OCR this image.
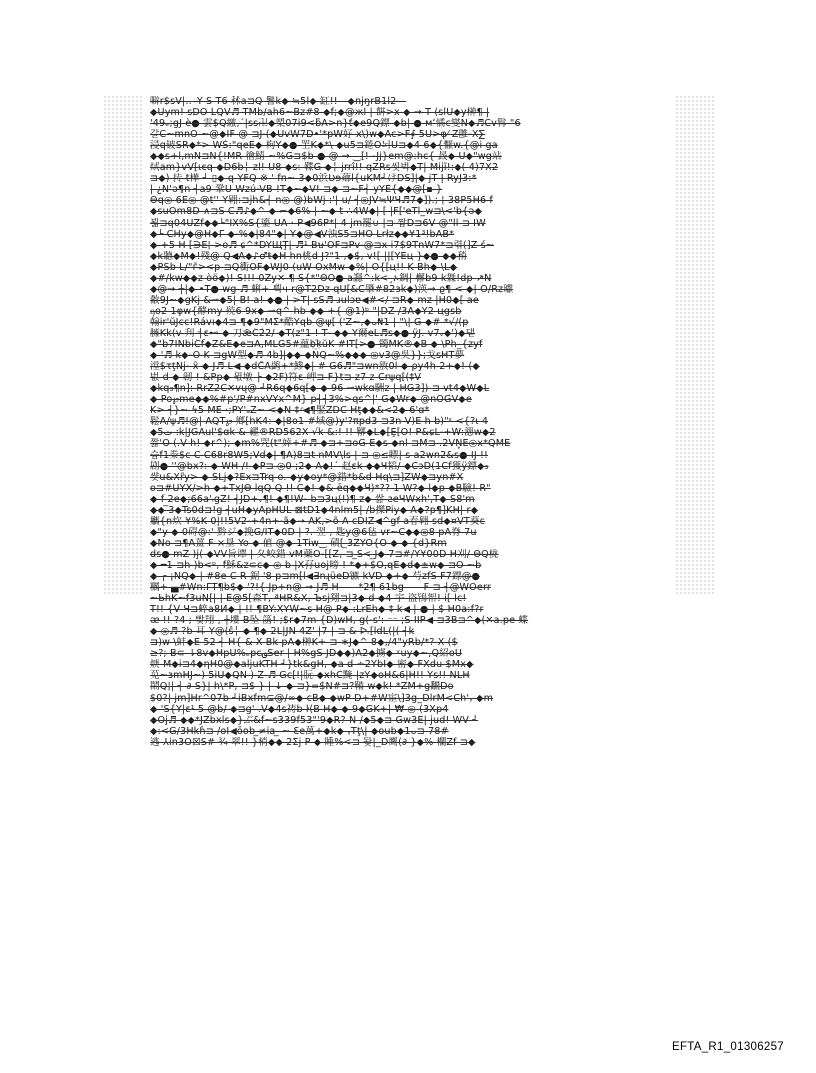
噼r$sV|‥–Y Ŝ T6 秫a⊐Q 鬐k◆ ≒5l◆ 缸!!—◆njŋrB1l2—
◆Ǔym! sDO ĹQV♬ TMb/ah6~Bz#8 ◆f;◆@жl | 餠>x ◆ → T (slÚ◆y榊¶ |
'49ₑ;gJ è● 雲$Q繳,´|ss卍◆槊07i9<ƃA>n}ť◆e9Q鏢 ◆b| ● мʻ憰c燮N◆♬Cv髥 "6
갈C~mnO ~@◆IF @ ⊐J-(◆UvW7D•'*pW好 x\)w◆Ac>F∮ 5Ü>φ⁄ Z雝-X∑
浸q铍SR◆*> WS̀:"qeE◆ 枸Y◆● 罜K◆*\ ◆u5⊐錈O뇌U⊐◆4 6◆{懨w.{@i ga
◆◆s+l,mN⊐N{!MR 徻鯖 ~%G⊐$b ● @ → ‿[! -Jj}em@:hc{ 晸◆ U◆"wg站
烒am}vV[ιєq ◆D6b╎ zl! U8 ◆s: 鞢G ◆╎ jrrî!! qZRs씻벅◆T| Mijĩ!:◆( 4)7X2
⊐◆) 抟 t樺 ┘ ▯◆ q YFQ ※ ' fn~ 3◆0浜Ʋɘ薌l{uKM┘けDS]|◆ jT Į RyJ3:*
| ¿Ñ'ə¶n ┤a9 鞏U Wzú-VB !T◆~◆V! ⊐◆ ⊐~F┤ yYĔ{◆◆@[▪ }
Θq◎ 6E◎ @t'' Y翱:⊐jh&┤ n◎ @)bWj :'| u/ ┤◎JV≒ΨЧ♬7◆]).; ¦ 38P5H6 f
◆suOm8D ∧⊐S C♬♪◆^ ◆ ⌐◆6% | ~◆ t ∴4W◆| [ |F['eTl_w⊐\<'b{ə◆
뵓⊐q04ŰZf◆◆└"IX%S{鎏 UA · P◀96P*| 4 jm罷∪ |⊐ 짬D⊐6V @"ll ⊐ IW
◆└ CHy◆@H◆Γ ◆-%◆|84"◆| Y◆@◀V浊S5⊐HO Lrłz◆◆¥1³!bAB*
◆ +5 H [∋E¦ >o♬ ɕ^*DYЩŢ| ♬¹ Bษ'OF⊐Pv-@⊐x i7$9TnW7*⊐렦(]Z ś~
◆k聽◆M◆!殘@ Q◀A◆♪♂ŧ◆H hn桃d J?"1 ,◆$, v![ ||[YEц }◆● ◆◆矟
◆PSb L/"г̃><p ⊐Q衝OF◆WJ0 (uW OxMw ◆%| O{[ц!! K Bh◆ \L◆
◆#/kw◆◆z ὸö◆)! S!!! 0Zy✕ ¶ S{*"ΘO● a讔^:k<¸ኦ錭| 檞b9 k橆!dp ↗N
◆@→ ┼|◆ •T● wg ♬ 蝌+ 쀡ч r@T2Dz qU[&C肇#82зk◆)渶→ ϱ¶ < ◆| O/Rz瓛
敿9J~◆gKj &⊸◆5| B! a! ◆● | >T| sS♬ ɹulɔɐ◀#</ ⊐R◆ mz |H0◆[ ae
ᦏo2 1φw{酵my 殑6 9x◆ ⊸q^ hb ◆◆ +{ @1)ᵇ "|DŽ /3A◆Y2 цgsb
翰ir'ŭJcc!Rávı◆4⊐ ¶◆9"MΣ*酷Yqb @ψ[ ('Z~,◆ᴗ₦1 | "\| G ◆# *√/(p
臃Kk(v 刋 ╡ε⊷ ◆ 刀ǣC͡22/ ◆T(z"1 ! T- ◆◆ Y爾eL♬s◆● ÿJ. v7ᵥ◆')◆댇
◆"b7INbiC͡f◆Z&E◆e⊐A,MLG5#蘊b꙰kŭK #IT[>● 镯MK®◆B ◆ \Ph_{zyf
◆ '♬ k◆-O K ⊐gW型◆♬ 4b]|◆◆ ◆NQ~%◆◆◆ ◎v3@吳}};戈sHT夢
漟$τţNj- x̃ ◆ J♬ L◀ ◆dC̃A鹢+*鯵◆| # G6♬"⊐wn敫0l ◆ ρy4h 2+◆! (◆
벖 d ◆ 韌 ! &Pp◆ 뮋墩 ├ ◆2F)符ε 岬⊐ F}t⊐ z7 z Črψq[(‡V
◆kq₃¶n]: RrZ2C✕vų@ ┘R6q◆6q[◆ ◆ 96 ⊸wkɑ駲z | HG3]) ⊐ vt4◆W◆L
◆ Po℘me◆◆%#p'/P#nxVYx^M} p┤┤3%>qs^|' G◆Wr◆ @nOGV◆e
K> ┤}~ ϟ5 ME ·;PY'ₐZ~ <◆N ‡ ͨ◀¶鋻ZDČ Hţ◆◆&<2◆ 6'ɑ*
鬆A/ψ♬!@| AQT℘ 鄕[hK4: ◆|8o1 #域@)y'?πpd3 ⊐3n V)E h b)"ᵋ <{?ι 4
◆5ت :k|JGAul'$ɑk & 糴®RD562X √k &:! !! 鞹◆L◆[Ȩ[O! P&ɕL-+W:漶w◆2
짧'O (.V h! ◆r^); ◆m%咒(t"婞+#♬ ◆⊐+⊐oG E◆s ◆nl ⊐M⊐ .2VN̥E◎x*QME
습f1桊$c C C68r8W5;Vd◆| ¶A)8⊐t nMV\ls | ⊐ ◎≤瞟| s a2wn2&s● IJ !!
剧● ''@bx?: ◆ WH /! ◆P⊐ ◎0 ;2◆ A◆!ˊ 赵ɛk ◆◆Ч韬/ ◆CɔD(1Cf獲ÿ鏢◆₃
썆u&Xr̃y> ◆ SLj◆?Ex⊐Trq o. ◆y◆oy*@錯*b&d Hq\⊐]ZW◆⊐yn#Ẋ
o⊐#UYX/>h ◆+TxJӨ lqQ Q !! C◆! ◆& ēq◆◆Ч)*?? 1 W?◆ l◆p ◆B驗! R"
◆ f 2e◆;66a'ᵢgZ! ┤JD+ᵥ¶! ◆¶!Ŵ- b⊐Зц(!)¶ z◆ 쌂 ƨeЧWxh',T◆ S8'm
◆◆ ̅3◆Ts0d⊐!g ┤uH◆yÃpHUL ⊠tD1◆4nlm5| /b擽Piy◆ Ă◆?p¶]KH| r◆
觿{n炊 ¥%K 0|!!5V2-+4n+-ã◆➝ AK,>õ Ä cDIZ◀^gf a春翱 sd◆¤VT葵c
◆"y ◆ 0碍@:' 黔ジ◆挽G/IT◆0D | ?. 翌 , 匙y@6毡 vr~C◆◆◎8 pA脊 7u
◆No ⊐¶A薑 F ×垦 Yo ◆ 値 @◆ 1Tiw‿ 磧[ ̲3ZYO{O ◆ ◆ {d}Rm
ds● mZ )j( ◆VV旨谭 | 夂峧錯 vM蘗O-[[Z, ⊐ ̲S< ̲J◆ 7⊐#/Y¥00D H刈/ ΘQ栊
◆ ━1 ⊐h )b<ᵖ, f穌&z⊂c◆ ◎ b |X孖uoj嗙 ! *◆+$Ò,qE◆d◆±w◆ ⊐O ~b
◆ ┌ ¡NQ◆ | #8e C R 鋸 '8 p⊐m[l◀∃nɻüeD镳 kVD ◆+◆ 芍zfS F7鏢@●
糲+ ▄#Wn:ΓΤ¶b$◆ '?!{ Jp+n@ → Ĵ♬ H ⸺*2¶ 61bg ⸺F ⊐ ┤@WOerr
~ЬhK~f3uN[| | Ê@5[森T, ªHR&X, Ъsj翗⊐|3◆ d ◆4 宇 盗鴇帤! i[ lc!
T!! {V Ɥ⊐蜶a8Й◆ | !! ¶BY:XŸŴ~s H@ P◆ :LrEh◆ ‡ k◀ | ● | $ H0a:f?r
ᴂ !! ?4 ; 빷翔 , ┼塿 B坠 䈄! ;$r◆7m {D)wH, g(-s': ⁻⁻ ;S IIP◀ ⊐3B⊐^◆(✕a.pe 蝶
◆ ◎♬ ?b 耳 Y@(ŝ╎ ◆ ¶◆ 2L|JÑ 4Z' |7 | ⊐ & ᐅᵣ[ldL(|( ┤k
⊐)w \蚌◆Ė 52 ┤ H{ & X Bk pA◆榊K+ ⊐ ∗J◆^ 8◆,/4"yRb/*? X ($
≥?; B⊂ ⇂8v◆HpU%ₑpc؈Ser | H%gS JD◆◆)A2◆擄◆ ᵛuy◆~,Q紹oU
焿 M◆i⊐4◆ηH0@◆aljuKTH ┘}tk&gH, ◆a d ∸2YbI◆ 密◆ FXdu $Mx◆
苋~ɜmHJ~) 5iU◆QN ) Z ♬ Ĝc[!|朊 ◆xhC黤 |zY◆oH&6|H!! Ys!! NLH
鬧Q¦| ┤ ∂ S}| h\*P, ⊐$ } | ↓ ◆ ⊐}=$N#⊐?鞴 w◆k! *ZM+g飜Do
$0?| jm]Hr^07b ┘iBxfm⊆@/∞◆ cB◆ ◆wP D+#W宦\]3g_DlrM<Ch'ᵧ ◆m
◆ 'S{Ÿ|ɛ¹ 5 @b/ ◆⊐g' .V◆4s祷b ŀ(B H◆ ◆ 9◆GK+| ₩ ◎ (3Xp4
◆Öj♬ ◆◆*JZbxls◆}ぶ&f~s339f53"'9◆R? N /◆5◆⊐ Gw3E| jud! WV ┘
◆:<G/3Hkɦ⊐ ∕oI◀ōob ̲≠ia ̲ ~ Ɛe萬+◆k◆ ᵧTţ\| ◆oub◆1ᴗ⊐ 78#
逃 ⅄in3O☒S# ¾ 翠!! }梢◆◆ 2Σj P ◆ 睡%<⊐ 돷|_D鹰(∂ }◆% 欄Zf ⊐◆
EFTA_R1_01306257
